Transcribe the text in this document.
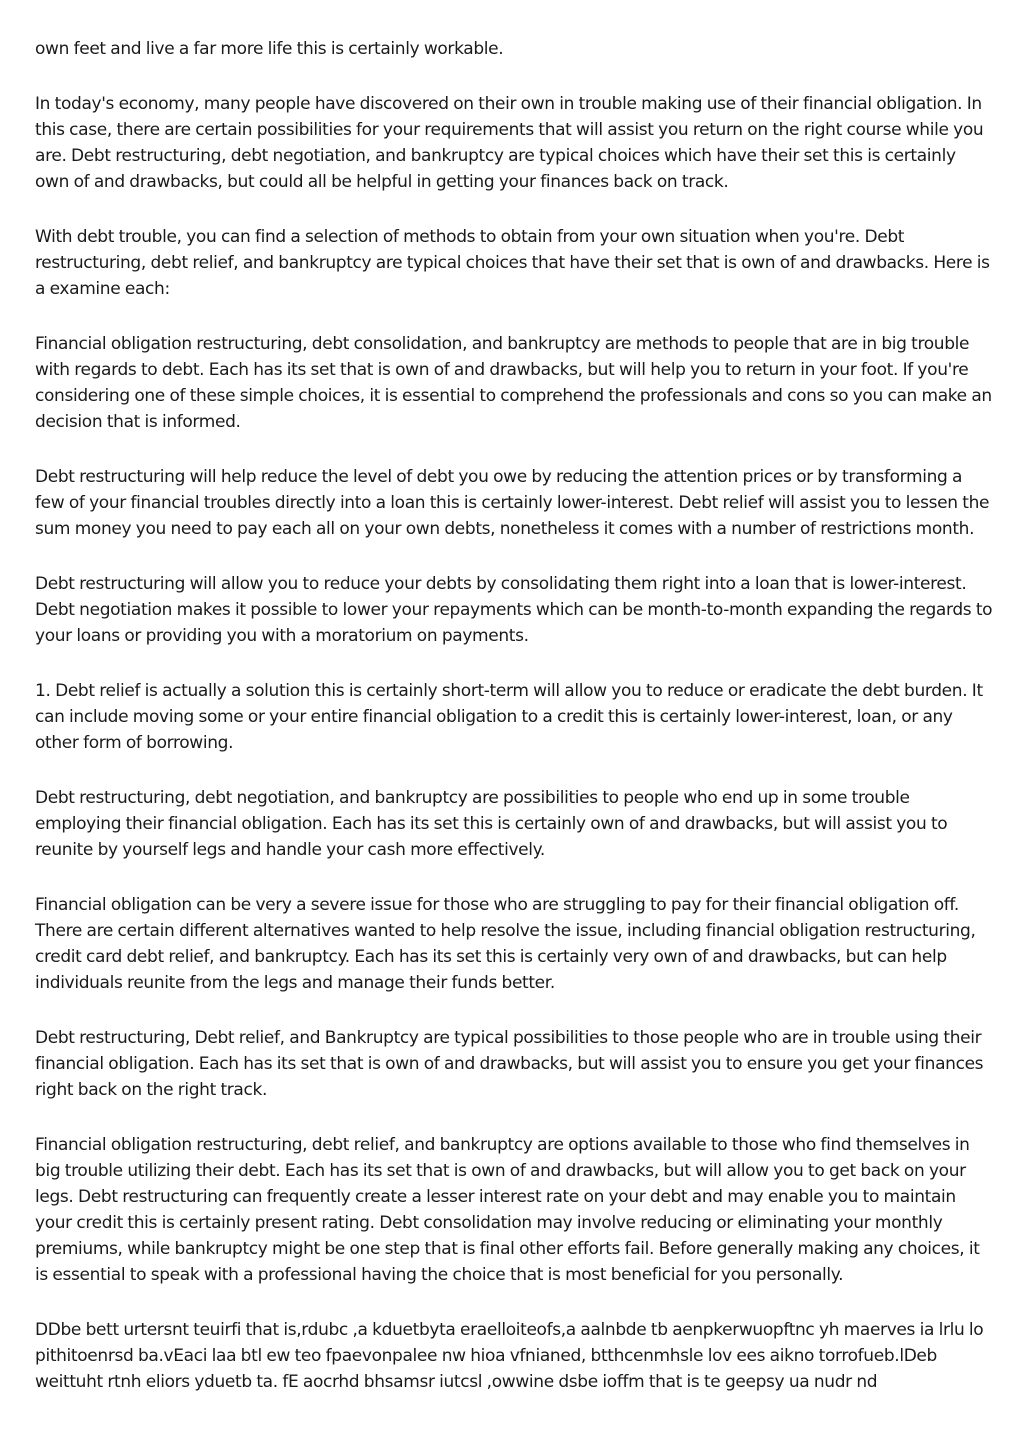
own feet and live a far more life this is certainly workable.

In today's economy, many people have discovered on their own in trouble making use of their financial obligation. In this case, there are certain possibilities for your requirements that will assist you return on the right course while you are. Debt restructuring, debt negotiation, and bankruptcy are typical choices which have their set this is certainly own of and drawbacks, but could all be helpful in getting your finances back on track.

With debt trouble, you can find a selection of methods to obtain from your own situation when you're. Debt restructuring, debt relief, and bankruptcy are typical choices that have their set that is own of and drawbacks. Here is a examine each:

Financial obligation restructuring, debt consolidation, and bankruptcy are methods to people that are in big trouble with regards to debt. Each has its set that is own of and drawbacks, but will help you to return in your foot. If you're considering one of these simple choices, it is essential to comprehend the professionals and cons so you can make an decision that is informed.

Debt restructuring will help reduce the level of debt you owe by reducing the attention prices or by transforming a few of your financial troubles directly into a loan this is certainly lower-interest. Debt relief will assist you to lessen the sum money you need to pay each all on your own debts, nonetheless it comes with a number of restrictions month.

Debt restructuring will allow you to reduce your debts by consolidating them right into a loan that is lower-interest. Debt negotiation makes it possible to lower your repayments which can be month-to-month expanding the regards to your loans or providing you with a moratorium on payments.

1. Debt relief is actually a solution this is certainly short-term will allow you to reduce or eradicate the debt burden. It can include moving some or your entire financial obligation to a credit this is certainly lower-interest, loan, or any other form of borrowing.

Debt restructuring, debt negotiation, and bankruptcy are possibilities to people who end up in some trouble employing their financial obligation. Each has its set this is certainly own of and drawbacks, but will assist you to reunite by yourself legs and handle your cash more effectively.

Financial obligation can be very a severe issue for those who are struggling to pay for their financial obligation off. There are certain different alternatives wanted to help resolve the issue, including financial obligation restructuring, credit card debt relief, and bankruptcy. Each has its set this is certainly very own of and drawbacks, but can help individuals reunite from the legs and manage their funds better.

Debt restructuring, Debt relief, and Bankruptcy are typical possibilities to those people who are in trouble using their financial obligation. Each has its set that is own of and drawbacks, but will assist you to ensure you get your finances right back on the right track.

Financial obligation restructuring, debt relief, and bankruptcy are options available to those who find themselves in big trouble utilizing their debt. Each has its set that is own of and drawbacks, but will allow you to get back on your legs. Debt restructuring can frequently create a lesser interest rate on your debt and may enable you to maintain your credit this is certainly present rating. Debt consolidation may involve reducing or eliminating your monthly premiums, while bankruptcy might be one step that is final other efforts fail. Before generally making any choices, it is essential to speak with a professional having the choice that is most beneficial for you personally.

DDbe bett urtersnt teuirfi that is,rdubc ,a kduetbyta eraelloiteofs,a aalnbde tb aenpkerwuopftnc yh maerves ia lrlu lo pithitoenrsd ba.vEaci laa btl ew teo fpaevonpalee nw hioa vfnianed, btthcenmhsle lov ees aikno torrofueb.lDeb weittuht rtnh eliors yduetb ta. fE aocrhd bhsamsr iutcsl ,owwine dsbe ioffm that is te geepsy ua nudr nd
